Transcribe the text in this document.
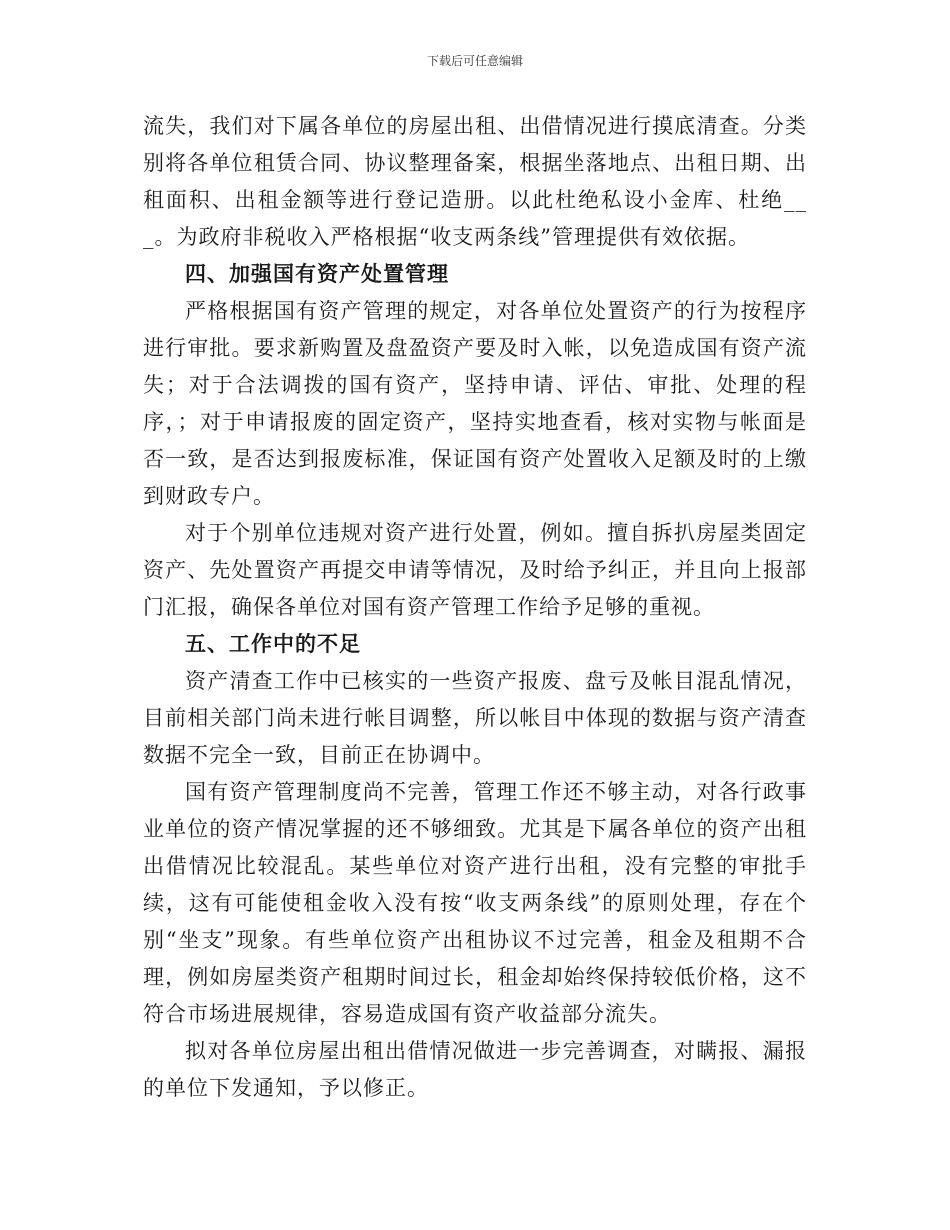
下载后可任意编辑

流失，我们对下属各单位的房屋出租、出借情况进行摸底清查。分类别将各单位租赁合同、协议整理备案，根据坐落地点、出租日期、出租面积、出租金额等进行登记造册。以此杜绝私设小金库、杜绝___。为政府非税收入严格根据“收支两条线”管理提供有效依据。

四、加强国有资产处置管理

严格根据国有资产管理的规定，对各单位处置资产的行为按程序进行审批。要求新购置及盘盈资产要及时入帐，以免造成国有资产流失；对于合法调拨的国有资产，坚持申请、评估、审批、处理的程序，；对于申请报废的固定资产，坚持实地查看，核对实物与帐面是否一致，是否达到报废标准，保证国有资产处置收入足额及时的上缴到财政专户。

对于个别单位违规对资产进行处置，例如。擅自拆扒房屋类固定资产、先处置资产再提交申请等情况，及时给予纠正，并且向上报部门汇报，确保各单位对国有资产管理工作给予足够的重视。

五、工作中的不足

资产清查工作中已核实的一些资产报废、盘亏及帐目混乱情况，目前相关部门尚未进行帐目调整，所以帐目中体现的数据与资产清查数据不完全一致，目前正在协调中。

国有资产管理制度尚不完善，管理工作还不够主动，对各行政事业单位的资产情况掌握的还不够细致。尤其是下属各单位的资产出租出借情况比较混乱。某些单位对资产进行出租，没有完整的审批手续，这有可能使租金收入没有按“收支两条线”的原则处理，存在个别“坐支”现象。有些单位资产出租协议不过完善，租金及租期不合理，例如房屋类资产租期时间过长，租金却始终保持较低价格，这不符合市场进展规律，容易造成国有资产收益部分流失。

拟对各单位房屋出租出借情况做进一步完善调查，对瞒报、漏报的单位下发通知，予以修正。
